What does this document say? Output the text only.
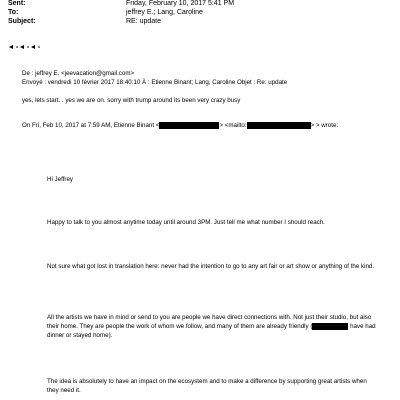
Sent:	Friday, February 10, 2017 5:41 PM
To:	jeffrey E.; Lang, Caroline
Subject:	RE: update
De : jeffrey E. <jeevacation@gmail.com>
Envoyé : vendredi 10 février 2017 18:40:10 À : Etienne Binant; Lang, Caroline Objet : Re: update
yes, lets start. . yes we are on. sorry with trump around its been very crazy busy
On Fri, Feb 10, 2017 at 7:59 AM, Etienne Binant <	> <mailto:	> > wrote:
Hi Jeffrey
Happy to talk to you almost anytime today until around 3PM. Just tell me what number I should reach.
Not sure what got lost in translation here: never had the intention to go to any art fair or art show or anything of the kind.
All the artists we have in mind or send to you are people we have direct connections with. Not just their studio, but also their home. They are people the work of whom we follow, and many of them are already friendly (	have had dinner or stayed home).
The idea is absolutely to have an impact on the ecosystem and to make a difference by supporting great artists when they need it.
